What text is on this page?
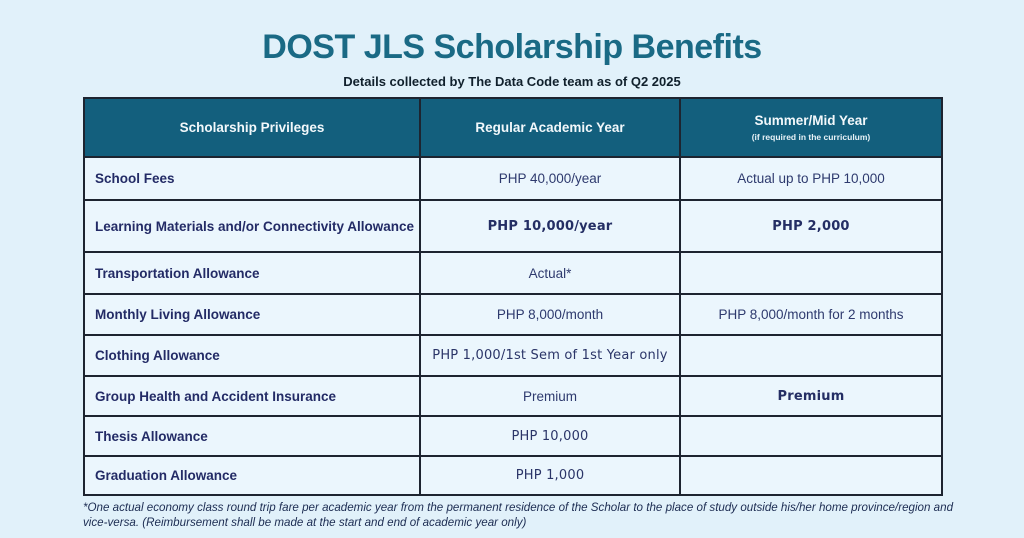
DOST JLS Scholarship Benefits
Details collected by The Data Code team as of Q2 2025
Scholarship Privileges	Regular Academic Year	Summer/Mid Year
(if required in the curriculum)

School Fees	PHP 40,000/year	Actual up to PHP 10,000
Learning Materials and/or Connectivity Allowance	PHP 10,000/year	PHP 2,000
Transportation Allowance	Actual*	
Monthly Living Allowance	PHP 8,000/month	PHP 8,000/month for 2 months
Clothing Allowance	PHP 1,000/1st Sem of 1st Year only	
Group Health and Accident Insurance	Premium	Premium
Thesis Allowance	PHP 10,000	
Graduation Allowance	PHP 1,000	
*One actual economy class round trip fare per academic year from the permanent residence of the Scholar to the place of study outside his/her home province/region and vice-versa. (Reimbursement shall be made at the start and end of academic year only)
